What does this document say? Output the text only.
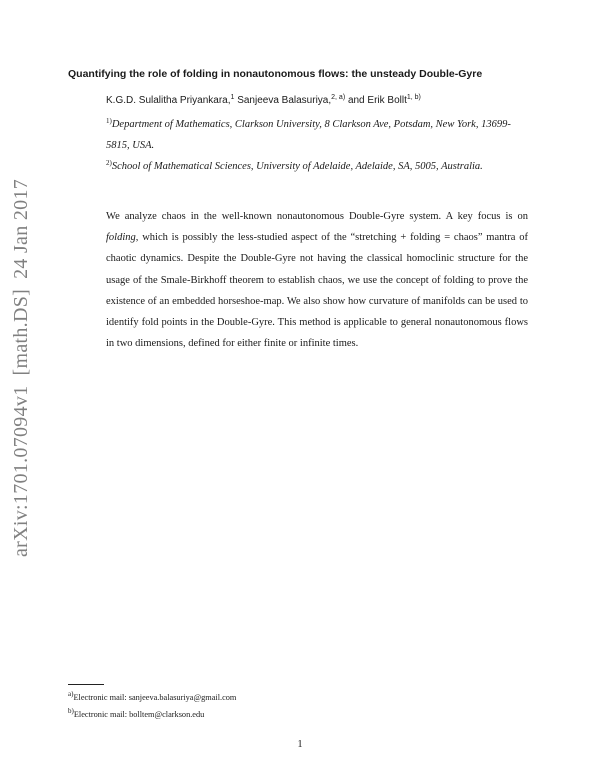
arXiv:1701.07094v1[math.DS]24 Jan 2017
Quantifying the role of folding in nonautonomous flows: the unsteady Double-Gyre
K.G.D. Sulalitha Priyankara,$^1$ Sanjeeva Balasuriya,$^{2, a)}$ and Erik Bollt$^{1, b)}$
$^{1)}$Department of Mathematics, Clarkson University, 8 Clarkson Ave, Potsdam, New York, 13699-5815, USA.
$^{2)}$School of Mathematical Sciences, University of Adelaide, Adelaide, SA, 5005, Australia.
We analyze chaos in the well-known nonautonomous Double-Gyre system. A key focus is on folding, which is possibly the less-studied aspect of the “stretching + folding = chaos” mantra of chaotic dynamics. Despite the Double-Gyre not having the classical homoclinic structure for the usage of the Smale-Birkhoff theorem to establish chaos, we use the concept of folding to prove the existence of an embedded horseshoe-map. We also show how curvature of manifolds can be used to identify fold points in the Double-Gyre. This method is applicable to general nonautonomous flows in two dimensions, defined for either finite or infinite times.
$^{a)}$Electronic mail: sanjeeva.balasuriya@gmail.com
$^{b)}$Electronic mail: bolltem@clarkson.edu
1
